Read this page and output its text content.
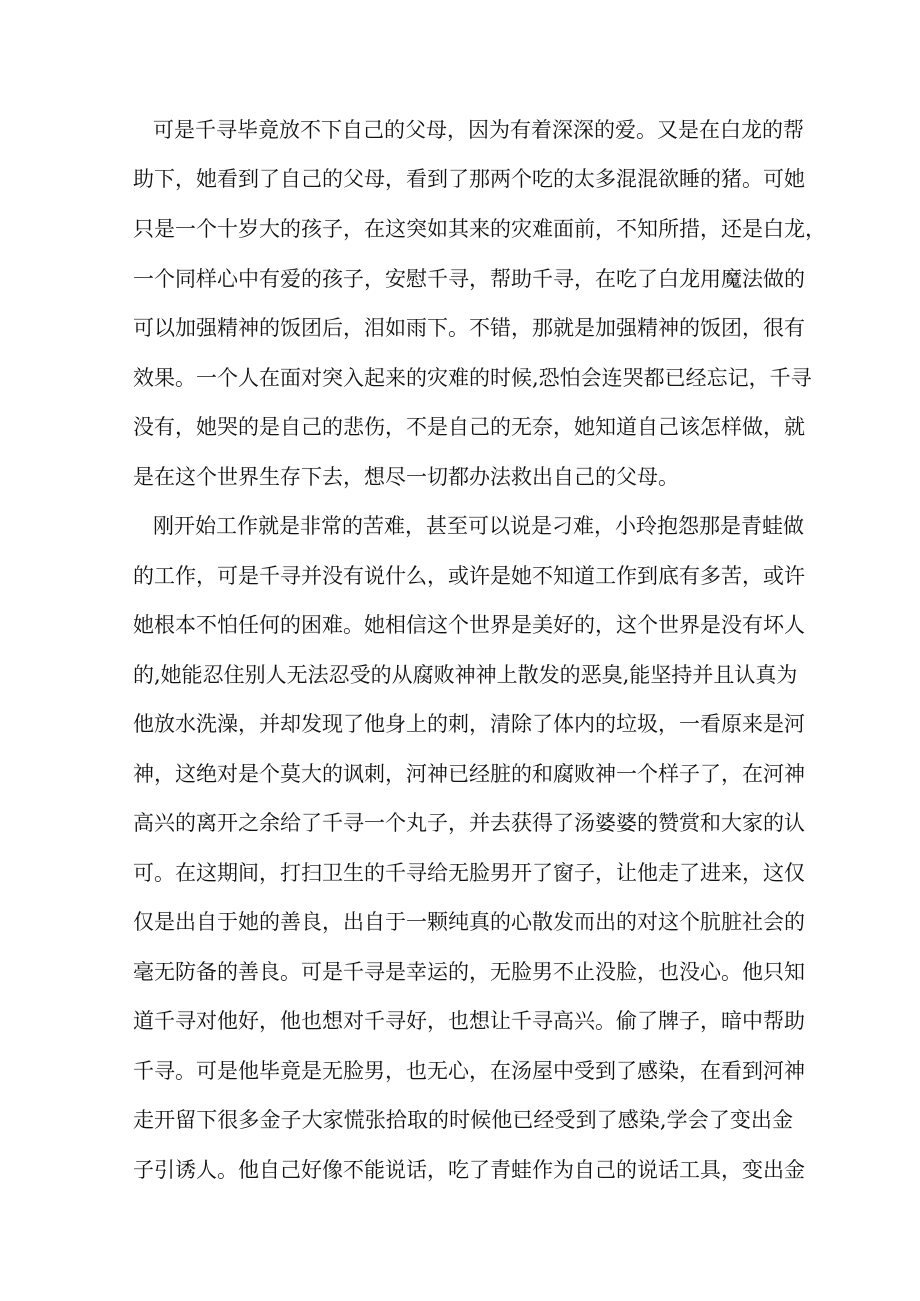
可是千寻毕竟放不下自己的父母，因为有着深深的爱。又是在白龙的帮
助下，她看到了自己的父母，看到了那两个吃的太多混混欲睡的猪。可她
只是一个十岁大的孩子，在这突如其来的灾难面前，不知所措，还是白龙，
一个同样心中有爱的孩子，安慰千寻，帮助千寻，在吃了白龙用魔法做的
可以加强精神的饭团后，泪如雨下。不错，那就是加强精神的饭团，很有
效果。一个人在面对突入起来的灾难的时候,恐怕会连哭都已经忘记，千寻
没有，她哭的是自己的悲伤，不是自己的无奈，她知道自己该怎样做，就
是在这个世界生存下去，想尽一切都办法救出自己的父母。
刚开始工作就是非常的苦难，甚至可以说是刁难，小玲抱怨那是青蛙做
的工作，可是千寻并没有说什么，或许是她不知道工作到底有多苦，或许
她根本不怕任何的困难。她相信这个世界是美好的，这个世界是没有坏人
的,她能忍住别人无法忍受的从腐败神神上散发的恶臭,能坚持并且认真为
他放水洗澡，并却发现了他身上的刺，清除了体内的垃圾，一看原来是河
神，这绝对是个莫大的讽刺，河神已经脏的和腐败神一个样子了，在河神
高兴的离开之余给了千寻一个丸子，并去获得了汤婆婆的赞赏和大家的认
可。在这期间，打扫卫生的千寻给无脸男开了窗子，让他走了进来，这仅
仅是出自于她的善良，出自于一颗纯真的心散发而出的对这个肮脏社会的
毫无防备的善良。可是千寻是幸运的，无脸男不止没脸，也没心。他只知
道千寻对他好，他也想对千寻好，也想让千寻高兴。偷了牌子，暗中帮助
千寻。可是他毕竟是无脸男，也无心，在汤屋中受到了感染，在看到河神
走开留下很多金子大家慌张拾取的时候他已经受到了感染,学会了变出金
子引诱人。他自己好像不能说话，吃了青蛙作为自己的说话工具，变出金
